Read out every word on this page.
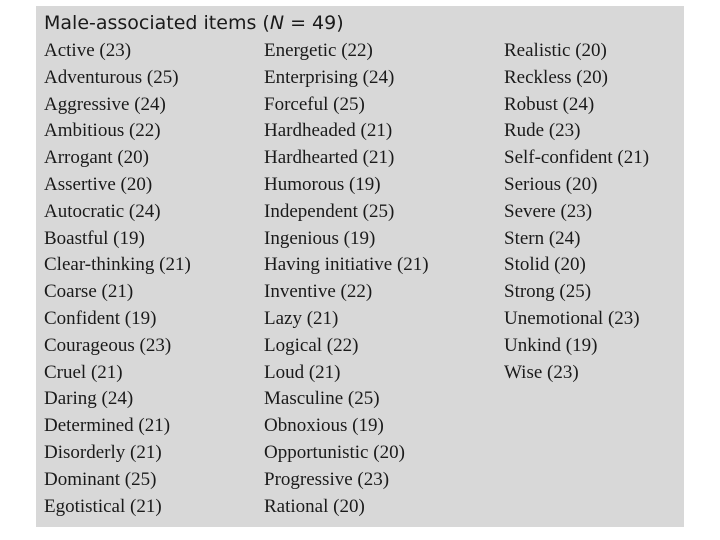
Male-associated items (N = 49)
Active (23)
Adventurous (25)
Aggressive (24)
Ambitious (22)
Arrogant (20)
Assertive (20)
Autocratic (24)
Boastful (19)
Clear-thinking (21)
Coarse (21)
Confident (19)
Courageous (23)
Cruel (21)
Daring (24)
Determined (21)
Disorderly (21)
Dominant (25)
Egotistical (21)
Energetic (22)
Enterprising (24)
Forceful (25)
Hardheaded (21)
Hardhearted (21)
Humorous (19)
Independent (25)
Ingenious (19)
Having initiative (21)
Inventive (22)
Lazy (21)
Logical (22)
Loud (21)
Masculine (25)
Obnoxious (19)
Opportunistic (20)
Progressive (23)
Rational (20)
Realistic (20)
Reckless (20)
Robust (24)
Rude (23)
Self-confident (21)
Serious (20)
Severe (23)
Stern (24)
Stolid (20)
Strong (25)
Unemotional (23)
Unkind (19)
Wise (23)
